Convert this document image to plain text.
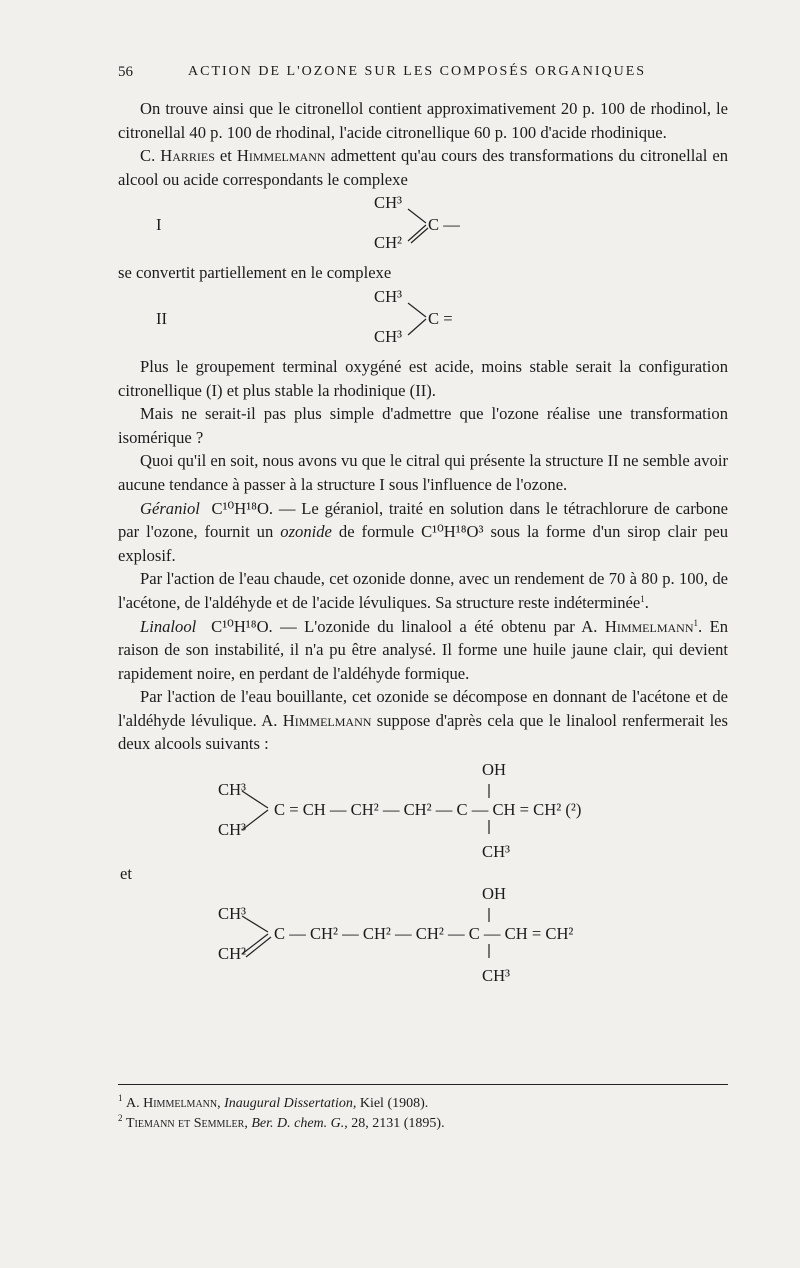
56	ACTION DE L'OZONE SUR LES COMPOSÉS ORGANIQUES

On trouve ainsi que le citronellol contient approximativement 20 p. 100 de rhodinol, le citronellal 40 p. 100 de rhodinal, l'acide citronellique 60 p. 100 d'acide rhodinique.

C. Harries et Himmelmann admettent qu'au cours des transformations du citronellal en alcool ou acide correspondants le complexe

I
CH³
CH²
C —

se convertit partiellement en le complexe

II
CH³
CH³
C =

Plus le groupement terminal oxygéné est acide, moins stable serait la configuration citronellique (I) et plus stable la rhodinique (II).

Mais ne serait-il pas plus simple d'admettre que l'ozone réalise une transformation isomérique ?

Quoi qu'il en soit, nous avons vu que le citral qui présente la structure II ne semble avoir aucune tendance à passer à la structure I sous l'influence de l'ozone.

Géraniol C¹⁰H¹⁸O. — Le géraniol, traité en solution dans le tétrachlorure de carbone par l'ozone, fournit un ozonide de formule C¹⁰H¹⁸O³ sous la forme d'un sirop clair peu explosif.

Par l'action de l'eau chaude, cet ozonide donne, avec un rendement de 70 à 80 p. 100, de l'acétone, de l'aldéhyde et de l'acide lévuliques. Sa structure reste indéterminée$^1$.

Linalool C¹⁰H¹⁸O. — L'ozonide du linalool a été obtenu par A. Himmelmann$^1$. En raison de son instabilité, il n'a pu être analysé. Il forme une huile jaune clair, qui devient rapidement noire, en perdant de l'aldéhyde formique.

Par l'action de l'eau bouillante, cet ozonide se décompose en donnant de l'acétone et de l'aldéhyde lévulique. A. Himmelmann suppose d'après cela que le linalool renfermerait les deux alcools suivants :

OH
CH³
CH³
C = CH — CH² — CH² — C — CH = CH² (²)
CH³
et
OH
CH³
CH²
C — CH² — CH² — CH² — C — CH = CH²
CH³
$^1$ A. Himmelmann, Inaugural Dissertation, Kiel (1908).
$^2$ Tiemann et Semmler, Ber. D. chem. G., 28, 2131 (1895).
